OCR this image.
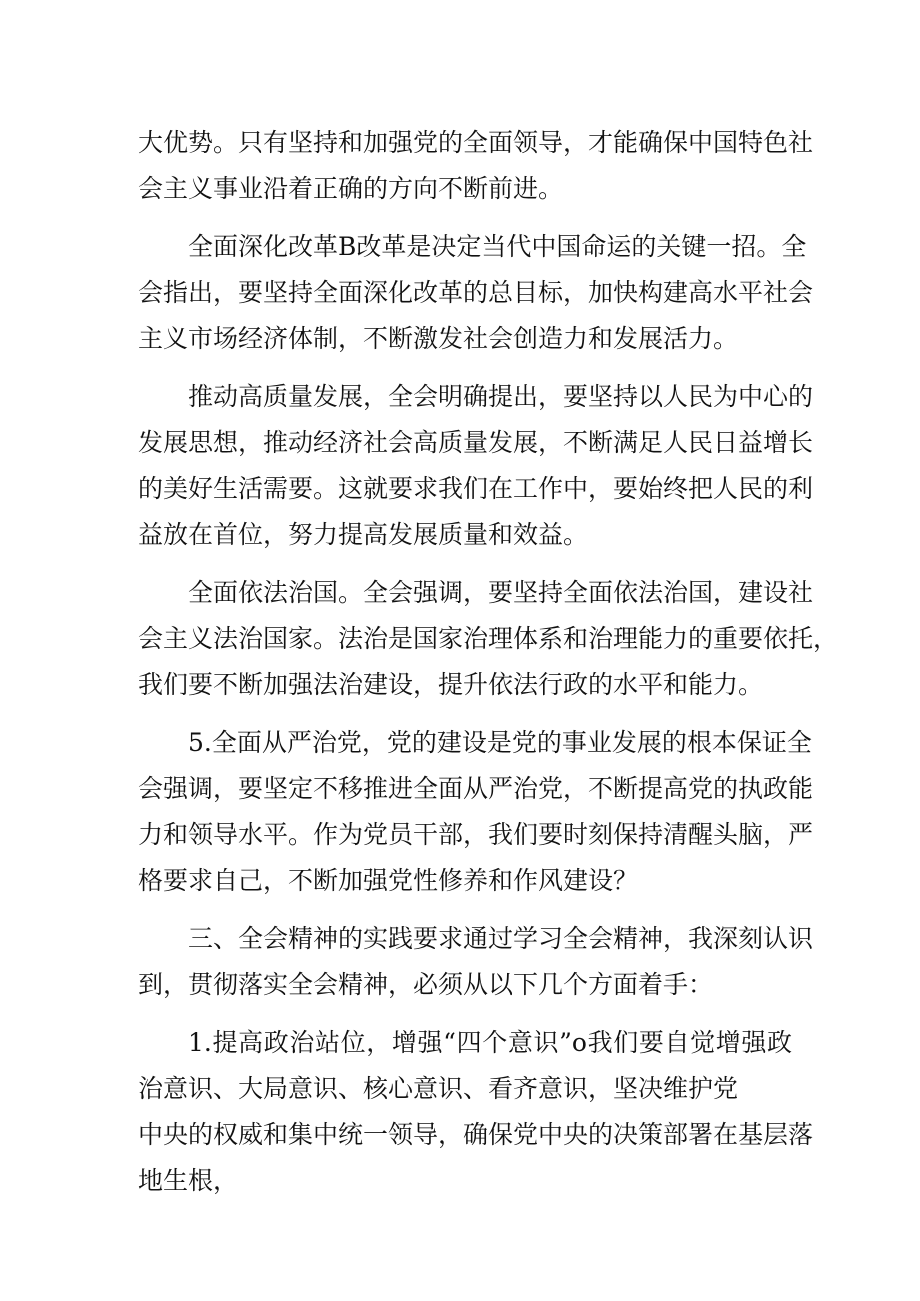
大优势。只有坚持和加强党的全面领导，才能确保中国特色社
会主义事业沿着正确的方向不断前进。
全面深化改革B改革是决定当代中国命运的关键一招。全
会指出，要坚持全面深化改革的总目标，加快构建高水平社会
主义市场经济体制，不断激发社会创造力和发展活力。
推动高质量发展，全会明确提出，要坚持以人民为中心的
发展思想，推动经济社会高质量发展，不断满足人民日益增长
的美好生活需要。这就要求我们在工作中，要始终把人民的利
益放在首位，努力提高发展质量和效益。
全面依法治国。全会强调，要坚持全面依法治国，建设社
会主义法治国家。法治是国家治理体系和治理能力的重要依托，
我们要不断加强法治建设，提升依法行政的水平和能力。
5.全面从严治党，党的建设是党的事业发展的根本保证全
会强调，要坚定不移推进全面从严治党，不断提高党的执政能
力和领导水平。作为党员干部，我们要时刻保持清醒头脑，严
格要求自己，不断加强党性修养和作风建设？
三、全会精神的实践要求通过学习全会精神，我深刻认识
到，贯彻落实全会精神，必须从以下几个方面着手：
1.提高政治站位，增强“四个意识”o我们要自觉增强政
治意识、大局意识、核心意识、看齐意识，坚决维护党
中央的权威和集中统一领导，确保党中央的决策部署在基层落
地生根，
